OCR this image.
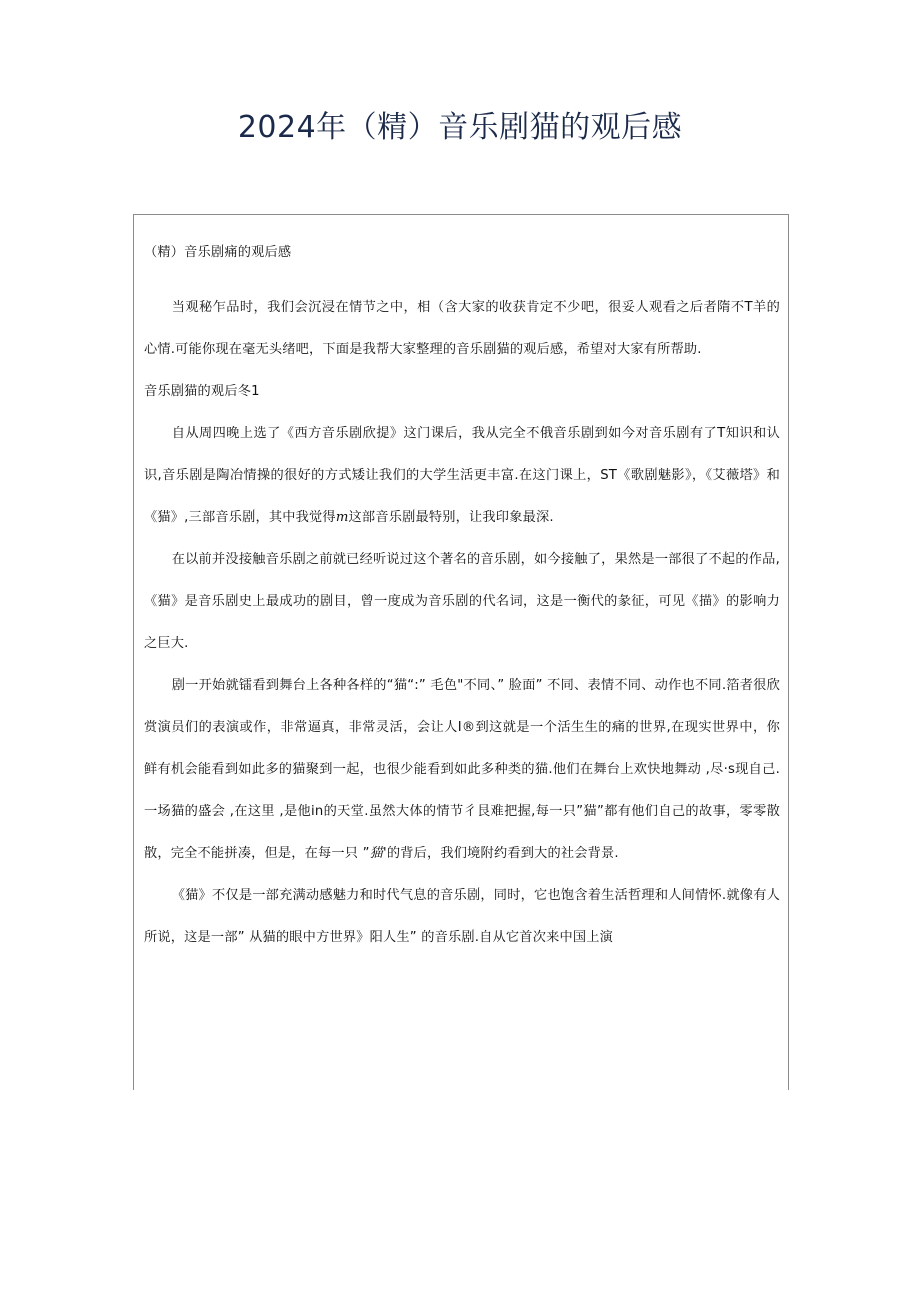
2024年（精）音乐剧猫的观后感

（精）音乐剧痛的观后感

当观秘乍品时，我们会沉浸在情节之中，相（含大家的收获肯定不少吧，很妥人观看之后者隋不T羊的心情.可能你现在毫无头绪吧，下面是我帮大家整理的音乐剧猫的观后感，希望对大家有所帮助.

音乐剧猫的观后冬1

自从周四晚上选了《西方音乐剧欣提》这门课后，我从完全不俄音乐剧到如今对音乐剧有了T知识和认识,音乐剧是陶冶情操的很好的方式矮让我们的大学生活更丰富.在这门课上，ST《歌剧魅影》，《艾薇塔》和《猫》,三部音乐剧，其中我觉得m这部音乐剧最特别，让我印象最深.

在以前并没接触音乐剧之前就已经听说过这个著名的音乐剧，如今接触了，果然是一部很了不起的作品,《猫》是音乐剧史上最成功的剧目，曾一度成为音乐剧的代名词，这是一衡代的彖征，可见《描》的影响力之巨大.

剧一开始就镭看到舞台上各种各样的“猫“:” 毛色"不同、” 脸面” 不同、表情不同、动作也不同.箔者很欣赏演员们的表演或作，非常逼真，非常灵活，会让人I®到这就是一个活生生的痛的世界,在现实世界中，你鲜有机会能看到如此多的猫聚到一起，也很少能看到如此多种类的猫.他们在舞台上欢快地舞动 ,尽·s现自己.一场猫的盛会 ,在这里 ,是他in的天堂.虽然大体的情节彳艮难把握,每一只”猫”都有他们自己的故事，零零散散，完全不能拼凑，但是，在每一只 ”猫'的背后，我们境附约看到大的社会背景.

《猫》不仅是一部充满动感魅力和时代气息的音乐剧，同时，它也饱含着生活哲理和人间情怀.就像有人所说，这是一部” 从猫的眼中方世界》阳人生” 的音乐剧.自从它首次来中国上演
